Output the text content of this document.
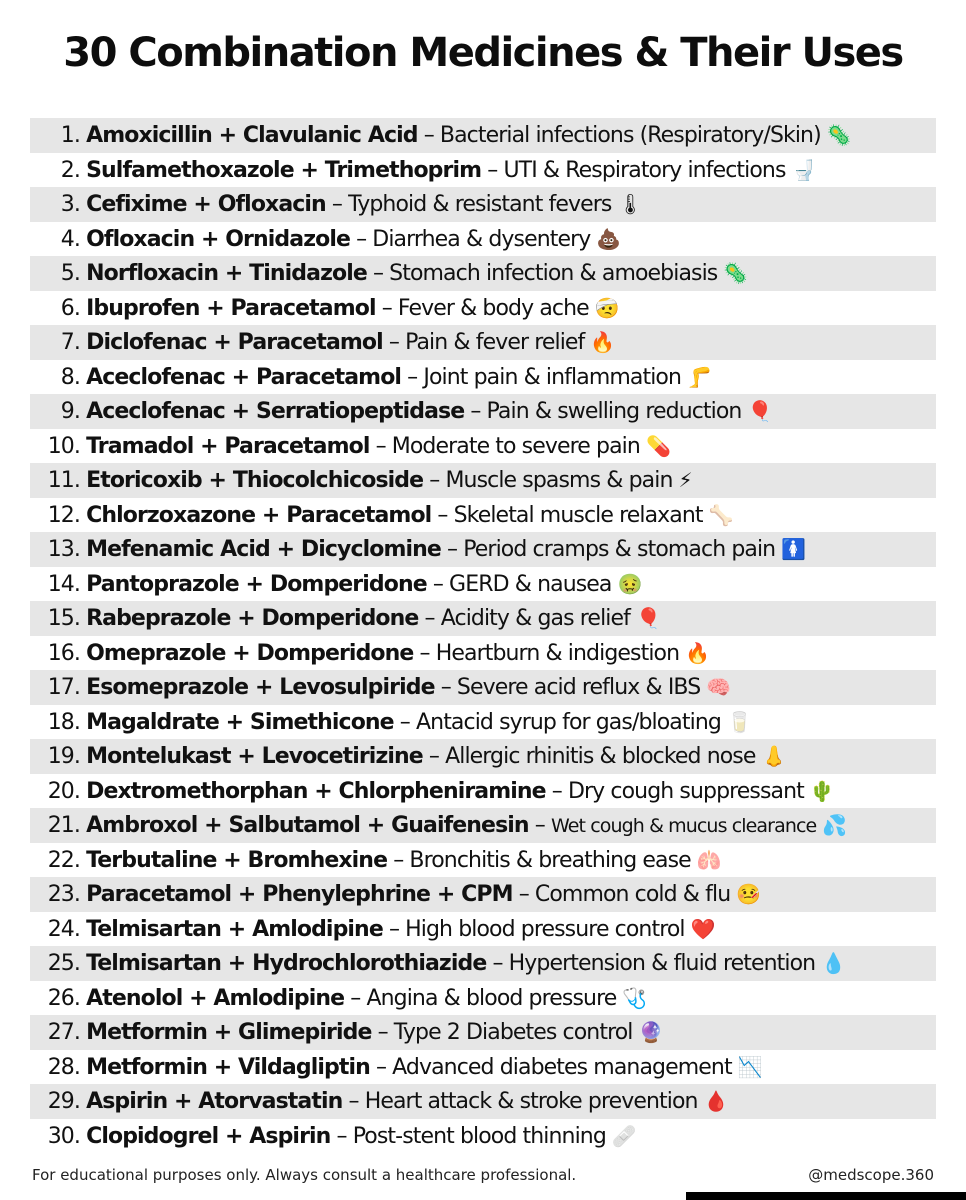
30 Combination Medicines & Their Uses
1. Amoxicillin + Clavulanic Acid – Bacterial infections (Respiratory/Skin) 🦠
2. Sulfamethoxazole + Trimethoprim – UTI & Respiratory infections 🚽
3. Cefixime + Ofloxacin – Typhoid & resistant fevers 🌡
4. Ofloxacin + Ornidazole – Diarrhea & dysentery 💩
5. Norfloxacin + Tinidazole – Stomach infection & amoebiasis 🦠
6. Ibuprofen + Paracetamol – Fever & body ache 🤕
7. Diclofenac + Paracetamol – Pain & fever relief 🔥
8. Aceclofenac + Paracetamol – Joint pain & inflammation 🦵
9. Aceclofenac + Serratiopeptidase – Pain & swelling reduction 🎈
10. Tramadol + Paracetamol – Moderate to severe pain 💊
11. Etoricoxib + Thiocolchicoside – Muscle spasms & pain ⚡
12. Chlorzoxazone + Paracetamol – Skeletal muscle relaxant 🦴
13. Mefenamic Acid + Dicyclomine – Period cramps & stomach pain 🚺
14. Pantoprazole + Domperidone – GERD & nausea 🤢
15. Rabeprazole + Domperidone – Acidity & gas relief 🎈
16. Omeprazole + Domperidone – Heartburn & indigestion 🔥
17. Esomeprazole + Levosulpiride – Severe acid reflux & IBS 🧠
18. Magaldrate + Simethicone – Antacid syrup for gas/bloating 🥛
19. Montelukast + Levocetirizine – Allergic rhinitis & blocked nose 👃
20. Dextromethorphan + Chlorpheniramine – Dry cough suppressant 🌵
21. Ambroxol + Salbutamol + Guaifenesin – Wet cough & mucus clearance 💦
22. Terbutaline + Bromhexine – Bronchitis & breathing ease 🫁
23. Paracetamol + Phenylephrine + CPM – Common cold & flu 🤒
24. Telmisartan + Amlodipine – High blood pressure control ❤️
25. Telmisartan + Hydrochlorothiazide – Hypertension & fluid retention 💧
26. Atenolol + Amlodipine – Angina & blood pressure 🩺
27. Metformin + Glimepiride – Type 2 Diabetes control 🔮
28. Metformin + Vildagliptin – Advanced diabetes management 📉
29. Aspirin + Atorvastatin – Heart attack & stroke prevention 🩸
30. Clopidogrel + Aspirin – Post-stent blood thinning 🩹
For educational purposes only. Always consult a healthcare professional.	@medscope.360
